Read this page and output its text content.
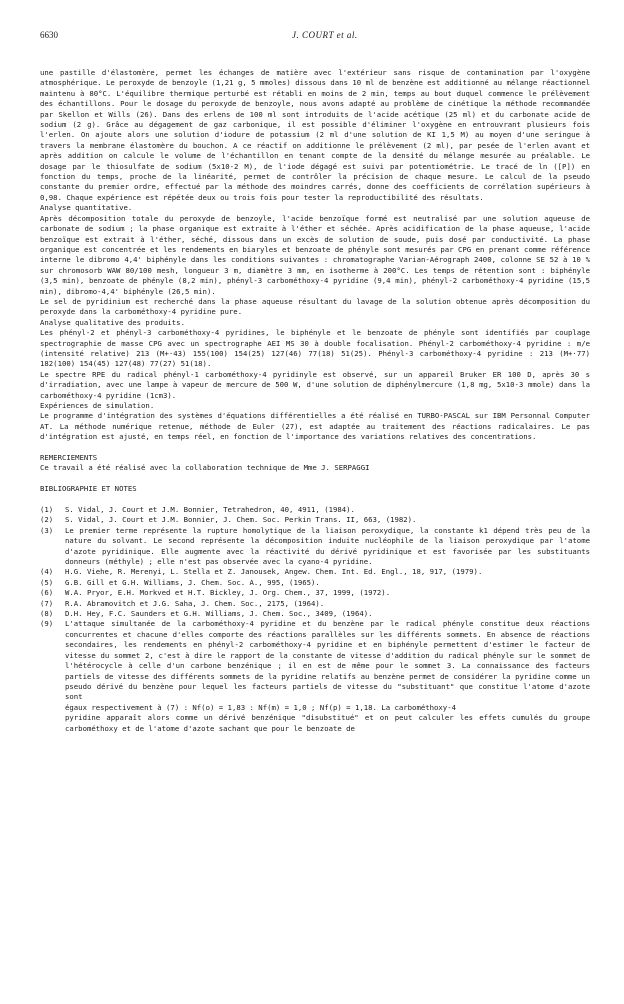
6630	J. COURT et al.

une pastille d'élastomère, permet les échanges de matière avec l'extérieur sans risque de contamination par l'oxygène atmosphérique. Le peroxyde de benzoyle (1,21 g, 5 mmoles) dissous dans 10 ml de benzène est additionné au mélange réactionnel maintenu à 80°C. L'équilibre thermique perturbé est rétabli en moins de 2 min, temps au bout duquel commence le prélèvement des échantillons. Pour le dosage du peroxyde de benzoyle, nous avons adapté au problème de cinétique la méthode recommandée par Skellon et Wills (26). Dans des erlens de 100 ml sont introduits de l'acide acétique (25 ml) et du carbonate acide de sodium (2 g). Grâce au dégagement de gaz carbonique, il est possible d'éliminer l'oxygène en entrouvrant plusieurs fois l'erlen. On ajoute alors une solution d'iodure de potassium (2 ml d'une solution de KI 1,5 M) au moyen d'une seringue à travers la membrane élastomère du bouchon. A ce réactif on additionne le prélèvement (2 ml), par pesée de l'erlen avant et après addition on calcule le volume de l'échantillon en tenant compte de la densité du mélange mesurée au préalable. Le dosage par le thiosulfate de sodium (5x10-2 M), de l'iode dégagé est suivi par potentiométrie. Le tracé de ln ([P]) en fonction du temps, proche de la linéarité, permet de contrôler la précision de chaque mesure. Le calcul de la pseudo constante du premier ordre, effectué par la méthode des moindres carrés, donne des coefficients de corrélation supérieurs à 0,98. Chaque expérience est répétée deux ou trois fois pour tester la reproductibilité des résultats.

Analyse quantitative.

Après décomposition totale du peroxyde de benzoyle, l'acide benzoïque formé est neutralisé par une solution aqueuse de carbonate de sodium ; la phase organique est extraite à l'éther et séchée. Après acidification de la phase aqueuse, l'acide benzoïque est extrait à l'éther, séché, dissous dans un excès de solution de soude, puis dosé par conductivité. La phase organique est concentrée et les rendements en biaryles et benzoate de phényle sont mesurés par CPG en prenant comme référence interne le dibromo 4,4' biphényle dans les conditions suivantes : chromatographe Varian-Aérograph 2400, colonne SE 52 à 10 % sur chromosorb WAW 80/100 mesh, longueur 3 m, diamètre 3 mm, en isotherme à 200°C. Les temps de rétention sont : biphényle (3,5 min), benzoate de phényle (8,2 min), phényl-3 carbométhoxy-4 pyridine (9,4 min), phényl-2 carbométhoxy-4 pyridine (15,5 min), dibromo-4,4' biphényle (26,5 min).

Le sel de pyridinium est recherché dans la phase aqueuse résultant du lavage de la solution obtenue après décomposition du peroxyde dans la carbométhoxy-4 pyridine pure.

Analyse qualitative des produits.

Les phényl-2 et phényl-3 carbométhoxy-4 pyridines, le biphényle et le benzoate de phényle sont identifiés par couplage spectrographie de masse CPG avec un spectrographe AEI MS 30 à double focalisation. Phényl-2 carbométhoxy-4 pyridine : m/e (intensité relative) 213 (M+·43) 155(100) 154(25) 127(46) 77(18) 51(25). Phényl-3 carbométhoxy-4 pyridine : 213 (M+·77) 182(100) 154(45) 127(48) 77(27) 51(18).

Le spectre RPE du radical phényl-1 carbométhoxy-4 pyridinyle est observé, sur un appareil Bruker ER 100 D, après 30 s d'irradiation, avec une lampe à vapeur de mercure de 500 W, d'une solution de diphénylmercure (1,8 mg, 5x10-3 mmole) dans la carbométhoxy-4 pyridine (1cm3).

Expériences de simulation.

Le programme d'intégration des systèmes d'équations différentielles a été réalisé en TURBO-PASCAL sur IBM Personnal Computer AT. La méthode numérique retenue, méthode de Euler (27), est adaptée au traitement des réactions radicalaires. Le pas d'intégration est ajusté, en temps réel, en fonction de l'importance des variations relatives des concentrations.

REMERCIEMENTS

Ce travail a été réalisé avec la collaboration technique de Mme J. SERPAGGI

BIBLIOGRAPHIE ET NOTES

(1)	S. Vidal, J. Court et J.M. Bonnier, Tetrahedron, 40, 4911, (1984).
(2)	S. Vidal, J. Court et J.M. Bonnier, J. Chem. Soc. Perkin Trans. II, 663, (1982).
(3)	Le premier terme représente la rupture homolytique de la liaison peroxydique, la constante k1 dépend très peu de la nature du solvant. Le second représente la décomposition induite nucléophile de la liaison peroxydique par l'atome d'azote pyridinique. Elle augmente avec la réactivité du dérivé pyridinique et est favorisée par les substituants donneurs (méthyle) ; elle n'est pas observée avec la cyano-4 pyridine.
(4)	H.G. Viehe, R. Merenyi, L. Stella et Z. Janousek, Angew. Chem. Int. Ed. Engl., 18, 917, (1979).
(5)	G.B. Gill et G.H. Williams, J. Chem. Soc. A., 995, (1965).
(6)	W.A. Pryor, E.H. Morkved et H.T. Bickley, J. Org. Chem., 37, 1999, (1972).
(7)	R.A. Abramovitch et J.G. Saha, J. Chem. Soc., 2175, (1964).
(8)	D.H. Hey, F.C. Saunders et G.H. Williams, J. Chem. Soc., 3409, (1964).
(9)	L'attaque simultanée de la carbométhoxy-4 pyridine et du benzène par le radical phényle constitue deux réactions concurrentes et chacune d'elles comporte des réactions parallèles sur les différents sommets. En absence de réactions secondaires, les rendements en phényl-2 carbométhoxy-4 pyridine et en biphényle permettent d'estimer le facteur de vitesse du sommet 2, c'est à dire le rapport de la constante de vitesse d'addition du radical phényle sur le sommet de l'hétérocycle à celle d'un carbone benzénique ; il en est de même pour le sommet 3. La connaissance des facteurs partiels de vitesse des différents sommets de la pyridine relatifs au benzène permet de considérer la pyridine comme un pseudo dérivé du benzène pour lequel les facteurs partiels de vitesse du "substituant" que constitue l'atome d'azote sont

égaux respectivement à (7) : Nf(o) = 1,83 : Nf(m) = 1,0 ; Nf(p) = 1,18. La carbométhoxy-4

pyridine apparaît alors comme un dérivé benzénique "disubstitué" et on peut calculer les effets cumulés du groupe carbométhoxy et de l'atome d'azote sachant que pour le benzoate de
